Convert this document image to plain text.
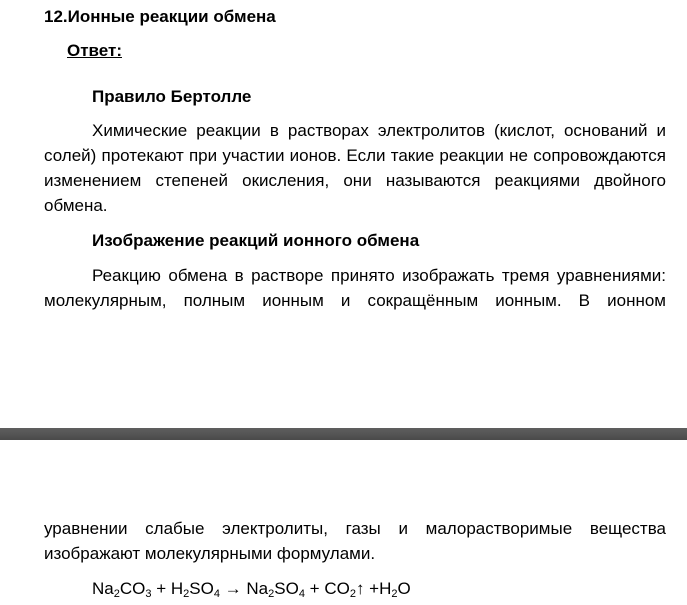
12.Ионные реакции обмена
Ответ:
Правило Бертолле
Химические реакции в растворах электролитов (кислот, оснований и
солей) протекают при участии ионов. Если такие реакции не сопровождаются
изменением степеней окисления, они называются реакциями двойного
обмена.
Изображение реакций ионного обмена
Реакцию обмена в растворе принято изображать тремя уравнениями:
молекулярным, полным ионным и сокращённым ионным. В ионном
уравнении слабые электролиты, газы и малорастворимые вещества
изображают молекулярными формулами.
$Na_2CO_3 + H_2SO_4 \to Na_2SO_4$ + $CO_2↑ +H_2O$
